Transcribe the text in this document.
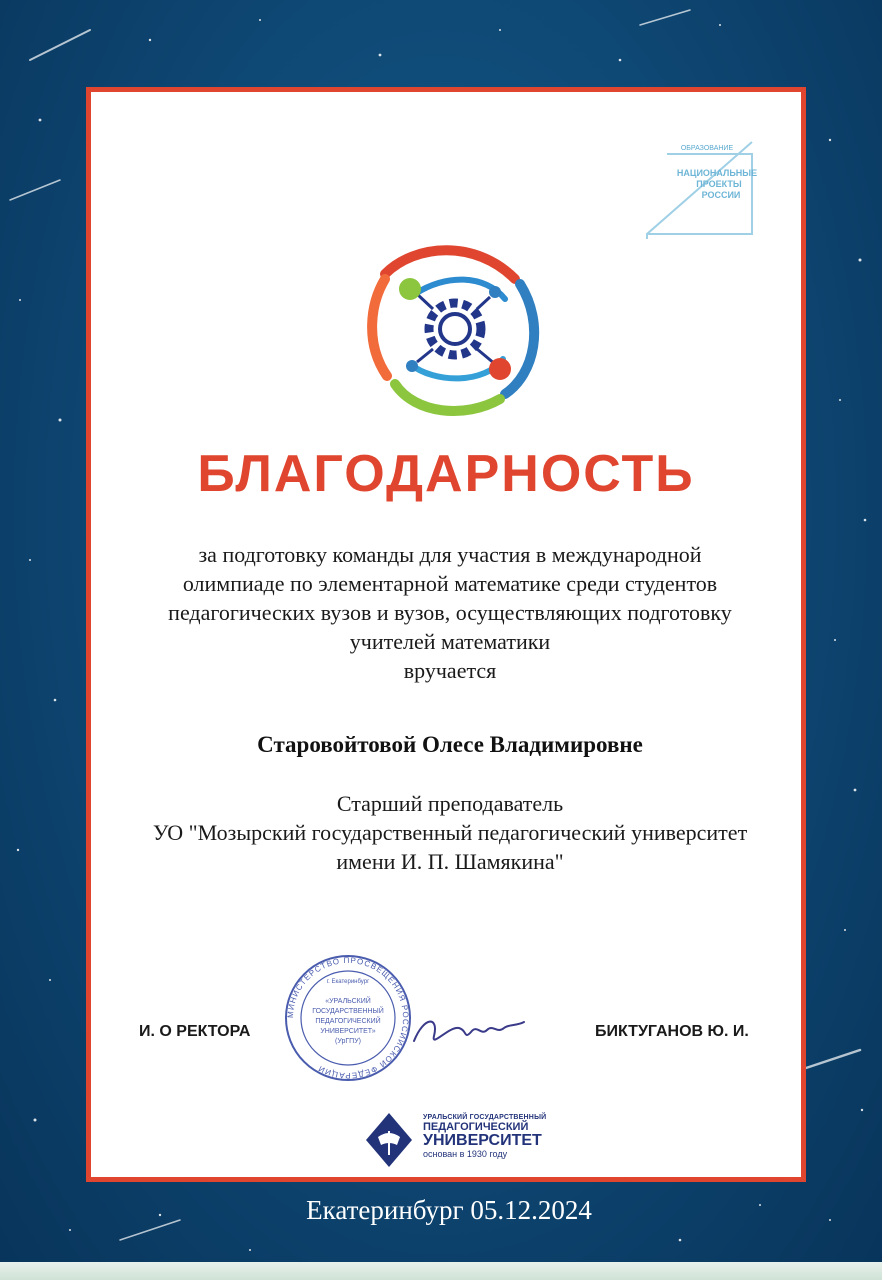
ОБРАЗОВАНИЕ
НАЦИОНАЛЬНЫЕ
ПРОЕКТЫ
РОССИИ
БЛАГОДАРНОСТЬ
за подготовку команды для участия в международной
олимпиаде по элементарной математике среди студентов
педагогических вузов и вузов, осуществляющих подготовку
учителей математики
вручается
Старовойтовой Олесе Владимировне
Старший преподаватель
УО "Мозырский государственный педагогический университет
имени И. П. Шамякина"
И. О РЕКТОРА
МИНИСТЕРСТВО ПРОСВЕЩЕНИЯ РОССИЙСКОЙ ФЕДЕРАЦИИ
г. Екатеринбург
«УРАЛЬСКИЙ
ГОСУДАРСТВЕННЫЙ
ПЕДАГОГИЧЕСКИЙ
УНИВЕРСИТЕТ»
(УрГПУ)
БИКТУГАНОВ Ю. И.
УРАЛЬСКИЙ ГОСУДАРСТВЕННЫЙ
ПЕДАГОГИЧЕСКИЙ
УНИВЕРСИТЕТ
основан в 1930 году
Екатеринбург 05.12.2024
